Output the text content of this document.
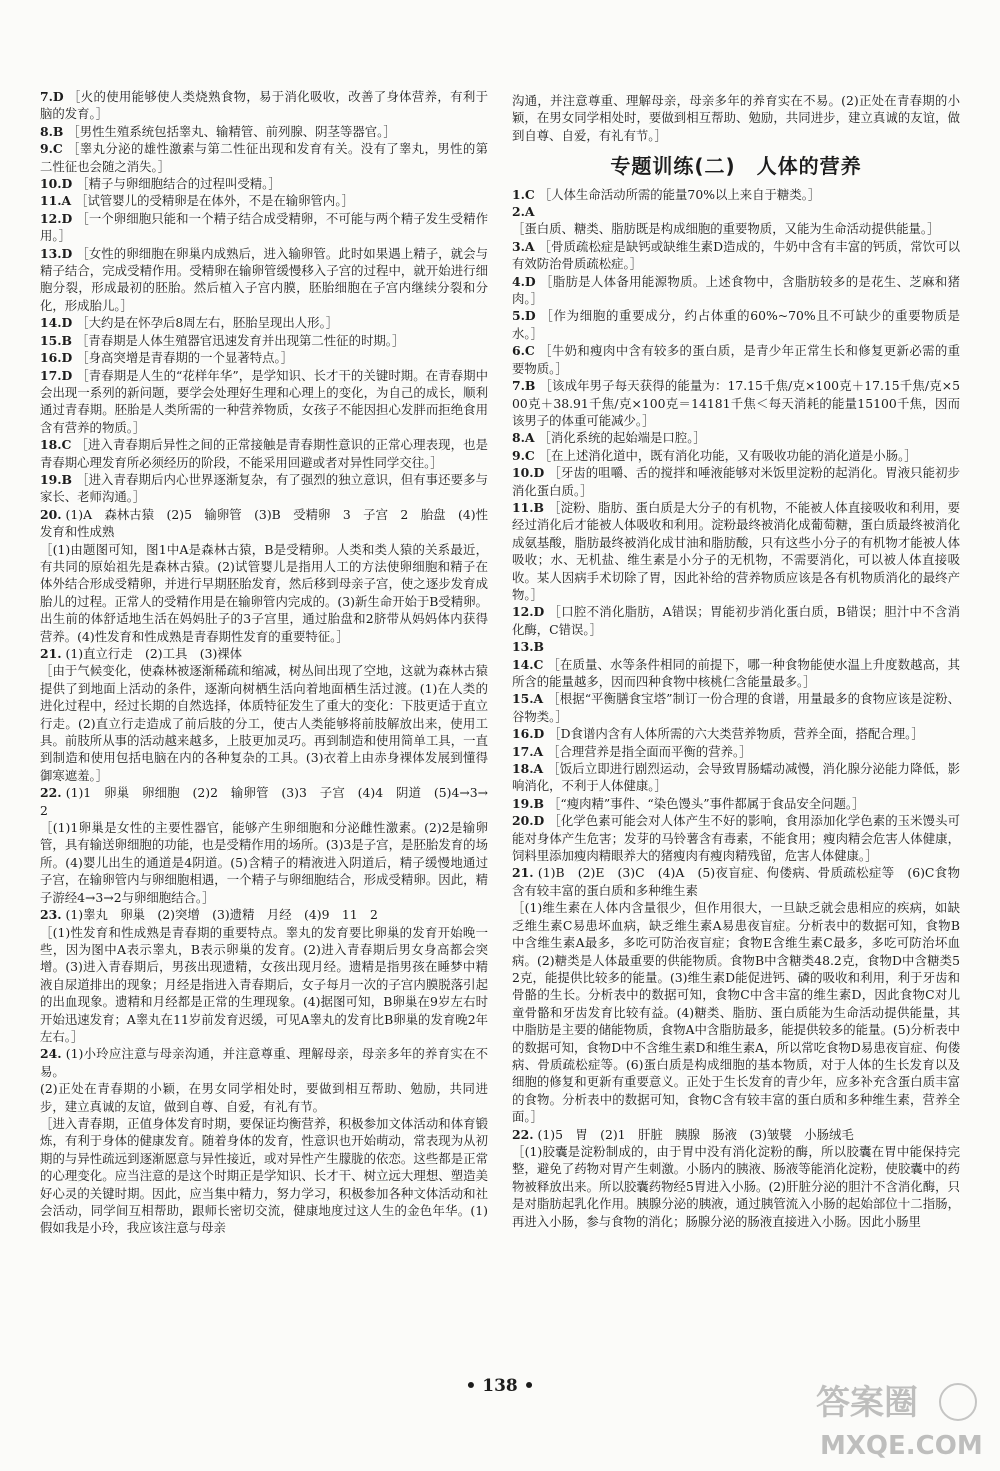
7.D ［火的使用能够使人类烧熟食物，易于消化吸收，改善了身体营养，有利于脑的发育。］

8.B ［男性生殖系统包括睾丸、输精管、前列腺、阴茎等器官。］

9.C ［睾丸分泌的雄性激素与第二性征出现和发育有关。没有了睾丸，男性的第二性征也会随之消失。］

10.D ［精子与卵细胞结合的过程叫受精。］

11.A ［试管婴儿的受精卵是在体外，不是在输卵管内。］

12.D ［一个卵细胞只能和一个精子结合成受精卵，不可能与两个精子发生受精作用。］

13.D ［女性的卵细胞在卵巢内成熟后，进入输卵管。此时如果遇上精子，就会与精子结合，完成受精作用。受精卵在输卵管缓慢移入子宫的过程中，就开始进行细胞分裂，形成最初的胚胎。然后植入子宫内膜，胚胎细胞在子宫内继续分裂和分化，形成胎儿。］

14.D ［大约是在怀孕后8周左右，胚胎呈现出人形。］

15.B ［青春期是人体生殖器官迅速发育并出现第二性征的时期。］

16.D ［身高突增是青春期的一个显著特点。］

17.D ［青春期是人生的“花样年华”，是学知识、长才干的关键时期。在青春期中会出现一系列的新问题，要学会处理好生理和心理上的变化，为自己的成长，顺利通过青春期。胚胎是人类所需的一种营养物质，女孩子不能因担心发胖而拒绝食用含有营养的物质。］

18.C ［进入青春期后异性之间的正常接触是青春期性意识的正常心理表现，也是青春期心理发育所必须经历的阶段，不能采用回避或者对异性同学交往。］

19.B ［进入青春期后内心世界逐渐复杂，有了强烈的独立意识，但有事还要多与家长、老师沟通。］

20. (1)A　森林古猿　(2)5　输卵管　(3)B　受精卵　3　子宫　2　胎盘　(4)性发育和性成熟

［(1)由题图可知，图1中A是森林古猿，B是受精卵。人类和类人猿的关系最近，有共同的原始祖先是森林古猿。(2)试管婴儿是指用人工的方法使卵细胞和精子在体外结合形成受精卵，并进行早期胚胎发育，然后移到母亲子宫，使之逐步发育成胎儿的过程。正常人的受精作用是在输卵管内完成的。(3)新生命开始于B受精卵。出生前的体舒适地生活在妈妈肚子的3子宫里，通过胎盘和2脐带从妈妈体内获得营养。(4)性发育和性成熟是青春期性发育的重要特征。］

21. (1)直立行走　(2)工具　(3)裸体

［由于气候变化，使森林被逐渐稀疏和缩减，树丛间出现了空地，这就为森林古猿提供了到地面上活动的条件，逐渐向树栖生活向着地面栖生活过渡。(1)在人类的进化过程中，经过长期的自然选择，体质特征发生了重大的变化：下肢更适于直立行走。(2)直立行走造成了前后肢的分工，使古人类能够将前肢解放出来，使用工具。前肢所从事的活动越来越多，上肢更加灵巧。再到制造和使用简单工具，一直到制造和使用包括电脑在内的各种复杂的工具。(3)衣着上由赤身裸体发展到懂得御寒遮羞。］

22. (1)1　卵巢　卵细胞　(2)2　输卵管　(3)3　子宫　(4)4　阴道　(5)4→3→2

［(1)1卵巢是女性的主要性器官，能够产生卵细胞和分泌雌性激素。(2)2是输卵管，具有输送卵细胞的功能，也是受精作用的场所。(3)3是子宫，是胚胎发育的场所。(4)婴儿出生的通道是4阴道。(5)含精子的精液进入阴道后，精子缓慢地通过子宫，在输卵管内与卵细胞相遇，一个精子与卵细胞结合，形成受精卵。因此，精子游经4→3→2与卵细胞结合。］

23. (1)睾丸　卵巢　(2)突增　(3)遗精　月经　(4)9　11　2

［(1)性发育和性成熟是青春期的重要特点。睾丸的发育要比卵巢的发育开始晚一些，因为图中A表示睾丸，B表示卵巢的发育。(2)进入青春期后男女身高都会突增。(3)进入青春期后，男孩出现遗精，女孩出现月经。遗精是指男孩在睡梦中精液自尿道排出的现象；月经是指进入青春期后，女子每月一次的子宫内膜脱落引起的出血现象。遗精和月经都是正常的生理现象。(4)据图可知，B卵巢在9岁左右时开始迅速发育；A睾丸在11岁前发育迟缓，可见A睾丸的发育比B卵巢的发育晚2年左右。］

24. (1)小玲应注意与母亲沟通，并注意尊重、理解母亲，母亲多年的养育实在不易。

(2)正处在青春期的小颖，在男女同学相处时，要做到相互帮助、勉励，共同进步，建立真诚的友谊，做到自尊、自爱，有礼有节。

［进入青春期，正值身体发育时期，要保证均衡营养，积极参加文体活动和体育锻炼，有利于身体的健康发育。随着身体的发育，性意识也开始萌动，常表现为从初期的与异性疏远到逐渐愿意与异性接近，或对异性产生朦胧的依恋。这些都是正常的心理变化。应当注意的是这个时期正是学知识、长才干、树立远大理想、塑造美好心灵的关键时期。因此，应当集中精力，努力学习，积极参加各种文体活动和社会活动，同学间互相帮助，跟师长密切交流，健康地度过这人生的金色年华。(1)假如我是小玲，我应该注意与母亲

沟通，并注意尊重、理解母亲，母亲多年的养育实在不易。(2)正处在青春期的小颖，在男女同学相处时，要做到相互帮助、勉励，共同进步，建立真诚的友谊，做到自尊、自爱，有礼有节。］

专题训练(二)　人体的营养

1.C ［人体生命活动所需的能量70%以上来自于糖类。］

2.A ［蛋白质、糖类、脂肪既是构成细胞的重要物质，又能为生命活动提供能量。］

3.A ［骨质疏松症是缺钙或缺维生素D造成的，牛奶中含有丰富的钙质，常饮可以有效防治骨质疏松症。］

4.D ［脂肪是人体备用能源物质。上述食物中，含脂肪较多的是花生、芝麻和猪肉。］

5.D ［作为细胞的重要成分，约占体重的60%~70%且不可缺少的重要物质是水。］

6.C ［牛奶和瘦肉中含有较多的蛋白质，是青少年正常生长和修复更新必需的重要物质。］

7.B ［该成年男子每天获得的能量为：17.15千焦/克×100克＋17.15千焦/克×500克＋38.91千焦/克×100克＝14181千焦＜每天消耗的能量15100千焦，因而该男子的体重可能减少。］

8.A ［消化系统的起始端是口腔。］

9.C ［在上述消化道中，既有消化功能，又有吸收功能的消化道是小肠。］

10.D ［牙齿的咀嚼、舌的搅拌和唾液能够对米饭里淀粉的起消化。胃液只能初步消化蛋白质。］

11.B ［淀粉、脂肪、蛋白质是大分子的有机物，不能被人体直接吸收和利用，要经过消化后才能被人体吸收和利用。淀粉最终被消化成葡萄糖，蛋白质最终被消化成氨基酸，脂肪最终被消化成甘油和脂肪酸，只有这些小分子的有机物才能被人体吸收；水、无机盐、维生素是小分子的无机物，不需要消化，可以被人体直接吸收。某人因病手术切除了胃，因此补给的营养物质应该是各有机物质消化的最终产物。］

12.D ［口腔不消化脂肪，A错误；胃能初步消化蛋白质，B错误；胆汁中不含消化酶，C错误。］

13.B

14.C ［在质量、水等条件相同的前提下，哪一种食物能使水温上升度数越高，其所含的能量越多，因而四种食物中核桃仁含能量最多。］

15.A ［根据“平衡膳食宝塔”制订一份合理的食谱，用量最多的食物应该是淀粉、谷物类。］

16.D ［D食谱内含有人体所需的六大类营养物质，营养全面，搭配合理。］

17.A ［合理营养是指全面而平衡的营养。］

18.A ［饭后立即进行剧烈运动，会导致胃肠蠕动减慢，消化腺分泌能力降低，影响消化，不利于人体健康。］

19.B ［“瘦肉精”事件、“染色馒头”事件都属于食品安全问题。］

20.D ［化学色素可能会对人体产生不好的影响，食用添加化学色素的玉米馒头可能对身体产生危害；发芽的马铃薯含有毒素，不能食用；瘦肉精会危害人体健康，饲料里添加瘦肉精眼养大的猪瘦肉有瘦肉精残留，危害人体健康。］

21. (1)B　(2)E　(3)C　(4)A　(5)夜盲症、佝偻病、骨质疏松症等　(6)C食物含有较丰富的蛋白质和多种维生素

［(1)维生素在人体内含量很少，但作用很大，一旦缺乏就会患相应的疾病，如缺乏维生素C易患坏血病，缺乏维生素A易患夜盲症。分析表中的数据可知，食物B中含维生素A最多，多吃可防治夜盲症；食物E含维生素C最多，多吃可防治坏血病。(2)糖类是人体最重要的供能物质。食物B中含糖类48.2克，食物D中含糖类52克，能提供比较多的能量。(3)维生素D能促进钙、磷的吸收和利用，利于牙齿和骨骼的生长。分析表中的数据可知，食物C中含丰富的维生素D，因此食物C对儿童骨骼和牙齿发育比较有益。(4)糖类、脂肪、蛋白质能为生命活动提供能量，其中脂肪是主要的储能物质，食物A中含脂肪最多，能提供较多的能量。(5)分析表中的数据可知，食物D中不含维生素D和维生素A，所以常吃食物D易患夜盲症、佝偻病、骨质疏松症等。(6)蛋白质是构成细胞的基本物质，对于人体的生长发育以及细胞的修复和更新有重要意义。正处于生长发育的青少年，应多补充含蛋白质丰富的食物。分析表中的数据可知，食物C含有较丰富的蛋白质和多种维生素，营养全面。］

22. (1)5　胃　(2)1　肝脏　胰腺　肠液　(3)皱襞　小肠绒毛

［(1)胶囊是淀粉制成的，由于胃中没有消化淀粉的酶，所以胶囊在胃中能保持完整，避免了药物对胃产生刺激。小肠内的胰液、肠液等能消化淀粉，使胶囊中的药物被释放出来。所以胶囊药物经5胃进入小肠。(2)肝脏分泌的胆汁不含消化酶，只是对脂肪起乳化作用。胰腺分泌的胰液，通过胰管流入小肠的起始部位十二指肠，再进入小肠，参与食物的消化；肠腺分泌的肠液直接进入小肠。因此小肠里

• 138 •	答案圈
MXQE.COM
